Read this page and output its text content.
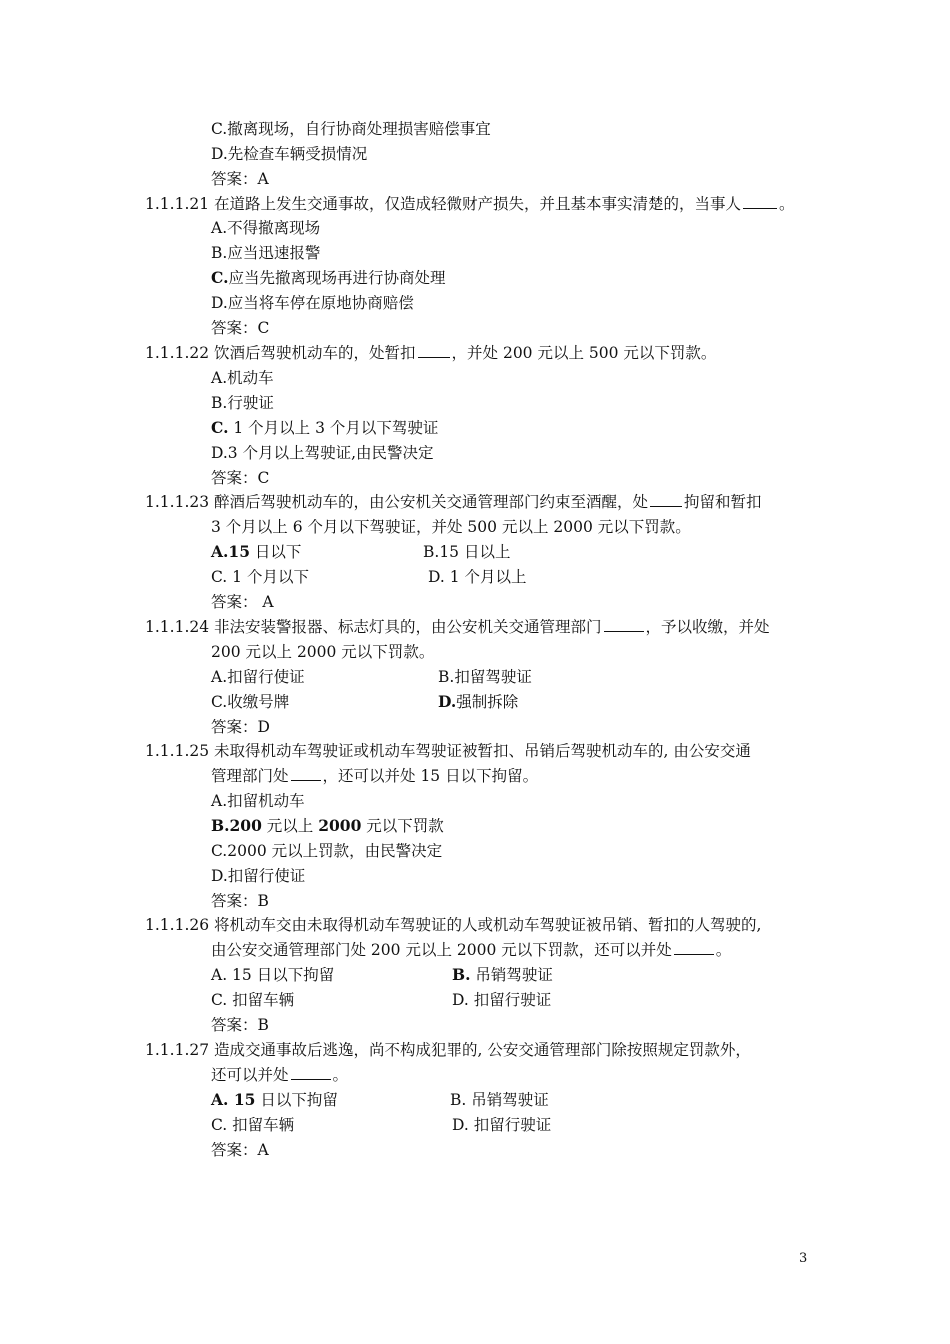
C.撤离现场，自行协商处理损害赔偿事宜
D.先检查车辆受损情况
答案：A
1.1.1.21 在道路上发生交通事故，仅造成轻微财产损失，并且基本事实清楚的，当事人 。
A.不得撤离现场
B.应当迅速报警
C.应当先撤离现场再进行协商处理
D.应当将车停在原地协商赔偿
答案：C
1.1.1.22 饮酒后驾驶机动车的，处暂扣 ，并处 200 元以上 500 元以下罚款。
A.机动车
B.行驶证
C. 1 个月以上 3 个月以下驾驶证
D.3 个月以上驾驶证,由民警决定
答案：C
1.1.1.23 醉酒后驾驶机动车的，由公安机关交通管理部门约束至酒醒，处 拘留和暂扣
3 个月以上 6 个月以下驾驶证，并处 500 元以上 2000 元以下罚款。
A.15 日以下	B.15 日以上
C. 1 个月以下	D. 1 个月以上
答案： A
1.1.1.24 非法安装警报器、标志灯具的，由公安机关交通管理部门	，予以收缴，并处
200 元以上 2000 元以下罚款。
A.扣留行使证	B.扣留驾驶证
C.收缴号牌	D.强制拆除
答案：D
1.1.1.25 未取得机动车驾驶证或机动车驾驶证被暂扣、吊销后驾驶机动车的, 由公安交通
管理部门处 ，还可以并处 15 日以下拘留。
A.扣留机动车
B.200 元以上 2000 元以下罚款
C.2000 元以上罚款，由民警决定
D.扣留行使证
答案：B
1.1.1.26 将机动车交由未取得机动车驾驶证的人或机动车驾驶证被吊销、暂扣的人驾驶的,
由公安交通管理部门处 200 元以上 2000 元以下罚款，还可以并处	。
A. 15 日以下拘留	B. 吊销驾驶证
C. 扣留车辆	D. 扣留行驶证
答案：B
1.1.1.27 造成交通事故后逃逸，尚不构成犯罪的, 公安交通管理部门除按照规定罚款外，
还可以并处	。
A. 15 日以下拘留	B. 吊销驾驶证
C. 扣留车辆	D. 扣留行驶证
答案：A
3
